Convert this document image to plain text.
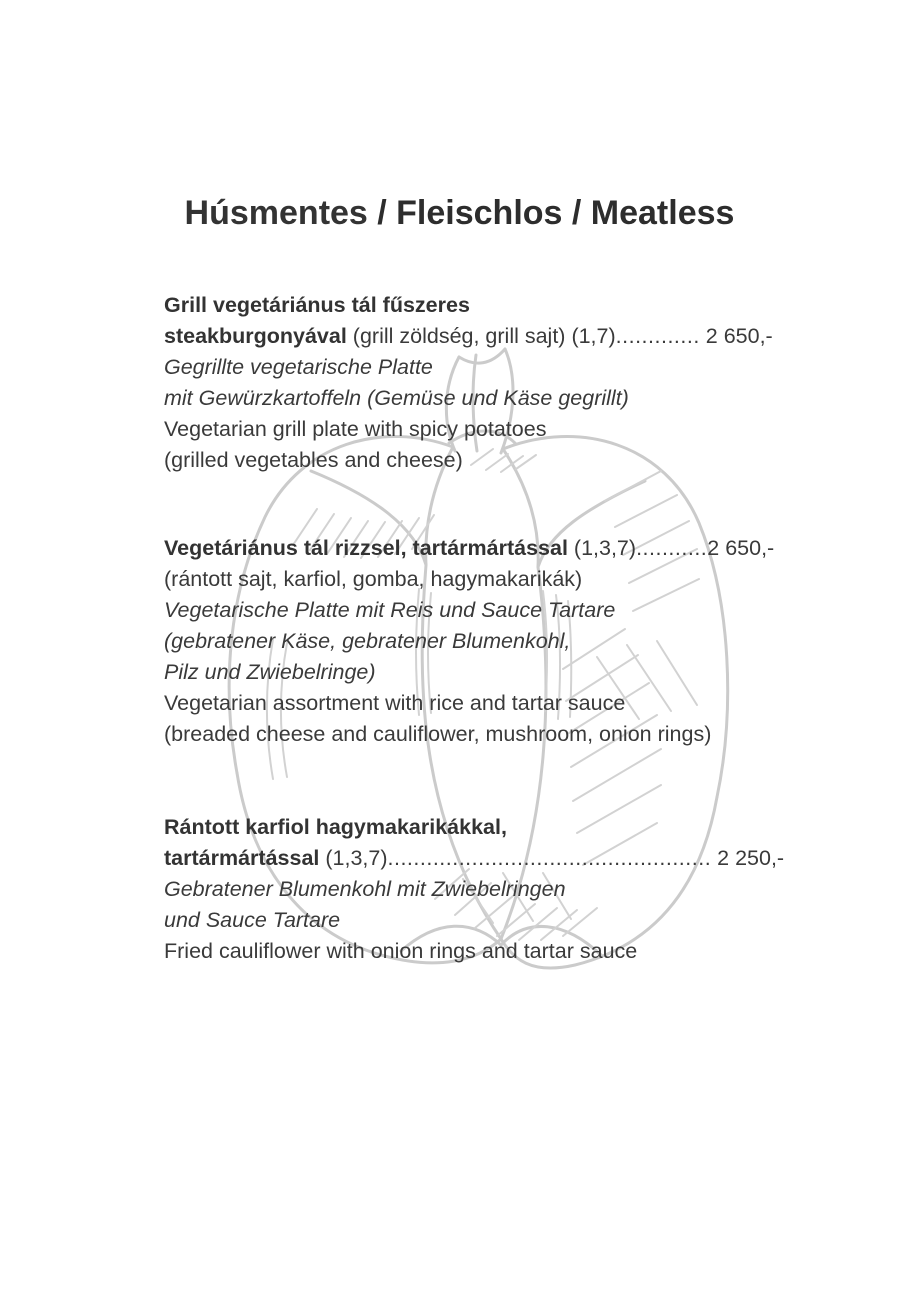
Húsmentes / Fleischlos / Meatless

Grill vegetáriánus tál fűszeres

steakburgonyával (grill zöldség, grill sajt) (1,7)............. 2 650,-

Gegrillte vegetarische Platte

mit Gewürzkartoffeln (Gemüse und Käse gegrillt)

Vegetarian grill plate with spicy potatoes

(grilled vegetables and cheese)

Vegetáriánus tál rizzsel, tartármártással (1,3,7)...........2 650,-

(rántott sajt, karfiol, gomba, hagymakarikák)

Vegetarische Platte mit Reis und Sauce Tartare

(gebratener Käse, gebratener Blumenkohl,

Pilz und Zwiebelringe)

Vegetarian assortment with rice and tartar sauce

(breaded cheese and cauliflower, mushroom, onion rings)

Rántott karfiol hagymakarikákkal,

tartármártással (1,3,7).................................................. 2 250,-

Gebratener Blumenkohl mit Zwiebelringen

und Sauce Tartare

Fried cauliflower with onion rings and tartar sauce
